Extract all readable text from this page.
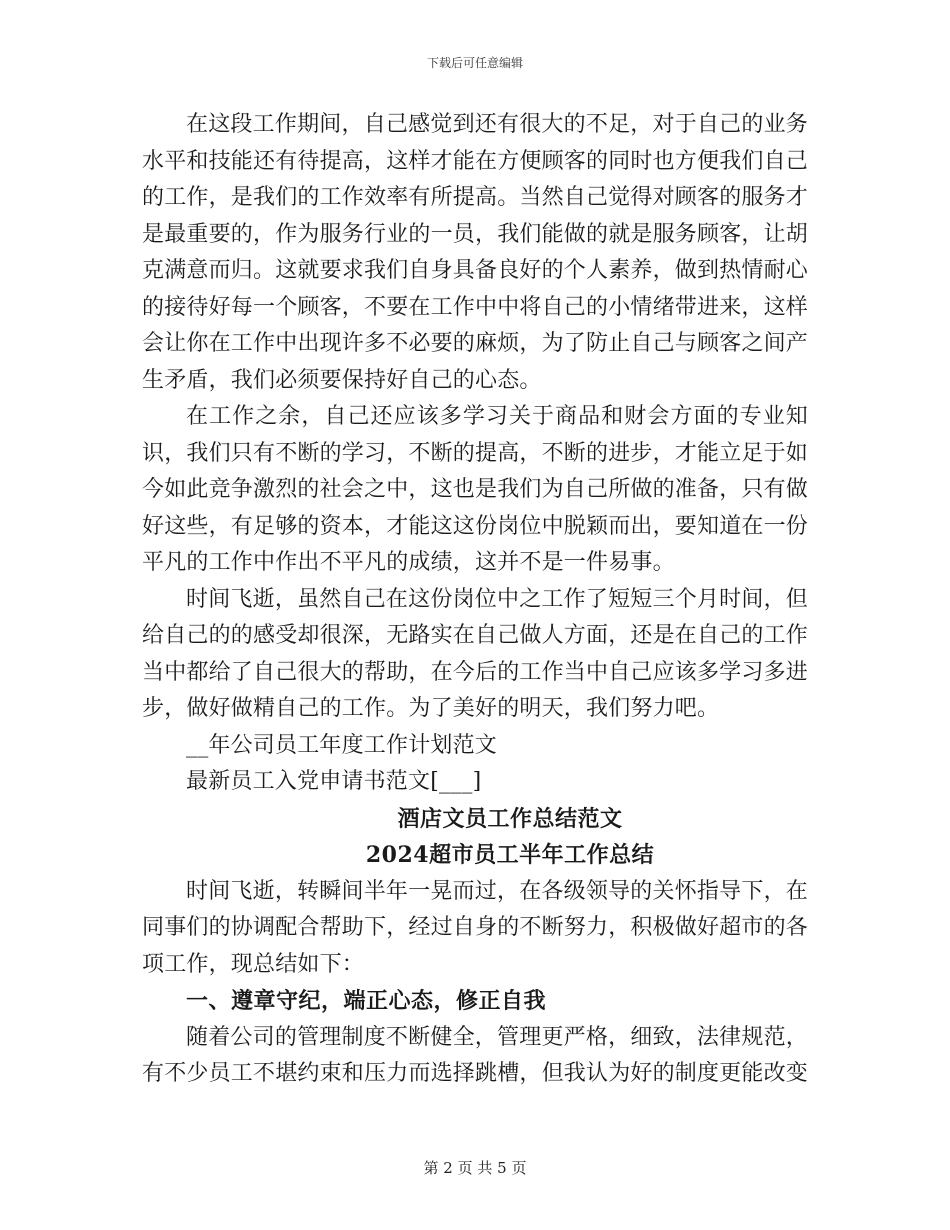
下载后可任意编辑

在这段工作期间，自己感觉到还有很大的不足，对于自己的业务水平和技能还有待提高，这样才能在方便顾客的同时也方便我们自己的工作，是我们的工作效率有所提高。当然自己觉得对顾客的服务才是最重要的，作为服务行业的一员，我们能做的就是服务顾客，让胡克满意而归。这就要求我们自身具备良好的个人素养，做到热情耐心的接待好每一个顾客，不要在工作中中将自己的小情绪带进来，这样会让你在工作中出现许多不必要的麻烦，为了防止自己与顾客之间产生矛盾，我们必须要保持好自己的心态。

在工作之余，自己还应该多学习关于商品和财会方面的专业知识，我们只有不断的学习，不断的提高，不断的进步，才能立足于如今如此竞争激烈的社会之中，这也是我们为自己所做的准备，只有做好这些，有足够的资本，才能这这份岗位中脱颖而出，要知道在一份平凡的工作中作出不平凡的成绩，这并不是一件易事。

时间飞逝，虽然自己在这份岗位中之工作了短短三个月时间，但给自己的的感受却很深，无路实在自己做人方面，还是在自己的工作当中都给了自己很大的帮助，在今后的工作当中自己应该多学习多进步，做好做精自己的工作。为了美好的明天，我们努力吧。

__年公司员工年度工作计划范文

最新员工入党申请书范文[___]

酒店文员工作总结范文

2024超市员工半年工作总结

时间飞逝，转瞬间半年一晃而过，在各级领导的关怀指导下，在同事们的协调配合帮助下，经过自身的不断努力，积极做好超市的各项工作，现总结如下：

一、遵章守纪，端正心态，修正自我

随着公司的管理制度不断健全，管理更严格，细致，法律规范，有不少员工不堪约束和压力而选择跳槽，但我认为好的制度更能改变

第 2 页 共 5 页
